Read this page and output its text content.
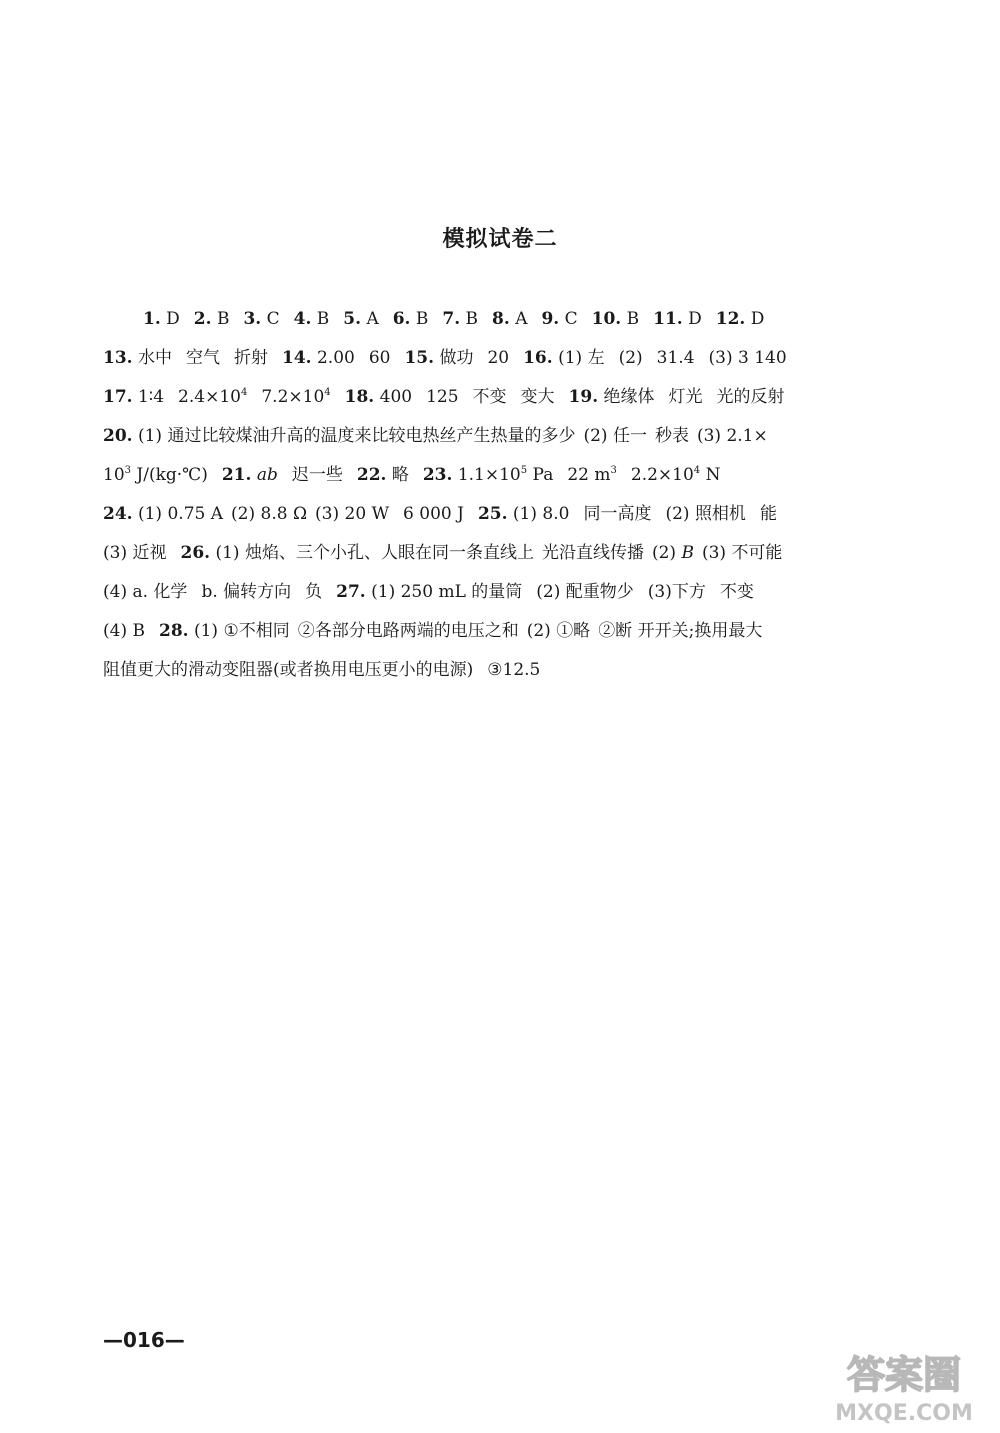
模拟试卷二
1. D 2. B 3. C 4. B 5. A 6. B 7. B 8. A 9. C 10. B 11. D 12. D
13. 水中 空气 折射 14. 2.00 60 15. 做功 20 16. (1) 左 (2) 31.4 (3) 3 140
17. 1∶4 $2.4\times 10^4$ $7.2\times 10^4$ 18. 400 125 不变 变大 19. 绝缘体 灯光 光的反射
20. (1) 通过比较煤油升高的温度来比较电热丝产生热量的多少 (2) 任一 秒表 (3) 2.1×
$10^3$ J/(kg·℃) 21. ab 迟一些 22. 略 23. $1.1\times 10^5$ Pa 22 $m^3$ $2.2\times 10^4$ N
24. (1) 0.75 A (2) 8.8 Ω (3) 20 W 6 000 J 25. (1) 8.0 同一高度 (2) 照相机 能
(3) 近视 26. (1) 烛焰、三个小孔、人眼在同一条直线上 光沿直线传播 (2) B (3) 不可能
(4) a. 化学 b. 偏转方向 负 27. (1) 250 mL 的量筒 (2) 配重物少 (3)下方 不变
(4) B 28. (1) ①不相同 ②各部分电路两端的电压之和 (2) ①略 ②断 开开关;换用最大
阻值更大的滑动变阻器(或者换用电压更小的电源) ③12.5
—016—
答案圈
MXQE.COM
